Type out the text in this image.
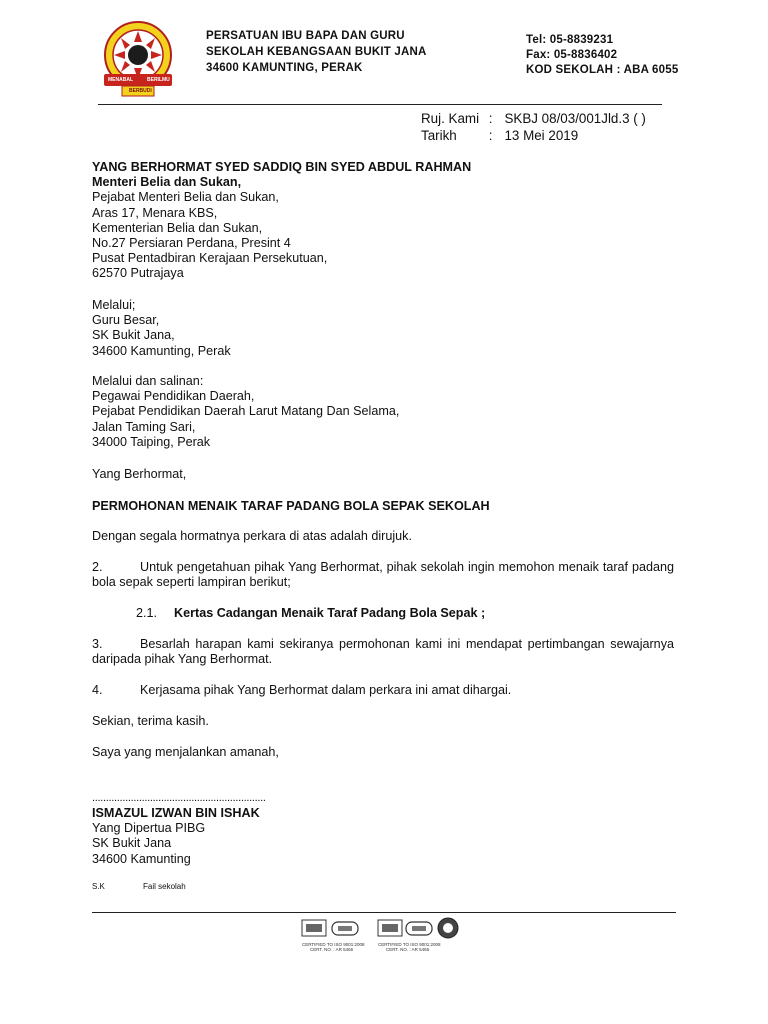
MENABAL	BERILMU
BERBUDI
PERSATUAN IBU BAPA DAN GURU
SEKOLAH KEBANGSAAN BUKIT JANA
34600 KAMUNTING, PERAK
Tel: 05-8839231
Fax: 05-8836402
KOD SEKOLAH : ABA 6055
Ruj. Kami : SKBJ 08/03/001Jld.3 ( )
Tarikh : 13 Mei 2019
YANG BERHORMAT SYED SADDIQ BIN SYED ABDUL RAHMAN
Menteri Belia dan Sukan,
Pejabat Menteri Belia dan Sukan,
Aras 17, Menara KBS,
Kementerian Belia dan Sukan,
No.27 Persiaran Perdana, Presint 4
Pusat Pentadbiran Kerajaan Persekutuan,
62570 Putrajaya
Melalui;
Guru Besar,
SK Bukit Jana,
34600 Kamunting, Perak
Melalui dan salinan:
Pegawai Pendidikan Daerah,
Pejabat Pendidikan Daerah Larut Matang Dan Selama,
Jalan Taming Sari,
34000 Taiping, Perak
Yang Berhormat,
PERMOHONAN MENAIK TARAF PADANG BOLA SEPAK SEKOLAH
Dengan segala hormatnya perkara di atas adalah dirujuk.
2.	Untuk pengetahuan pihak Yang Berhormat, pihak sekolah ingin memohon menaik taraf padang bola sepak seperti lampiran berikut;
2.1. Kertas Cadangan Menaik Taraf Padang Bola Sepak ;
3.	Besarlah harapan kami sekiranya permohonan kami ini mendapat pertimbangan sewajarnya daripada pihak Yang Berhormat.
4.	Kerjasama pihak Yang Berhormat dalam perkara ini amat dihargai.
Sekian, terima kasih.
Saya yang menjalankan amanah,
...............................................................
ISMAZUL IZWAN BIN ISHAK
Yang Dipertua PIBG
SK Bukit Jana
34600 Kamunting
S.K	Fail sekolah
CERTIFIED TO ISO 9001:2008
CERT. NO. : AR 5465
CERTIFIED TO ISO 9001:2008
CERT. NO. : AR 5465
